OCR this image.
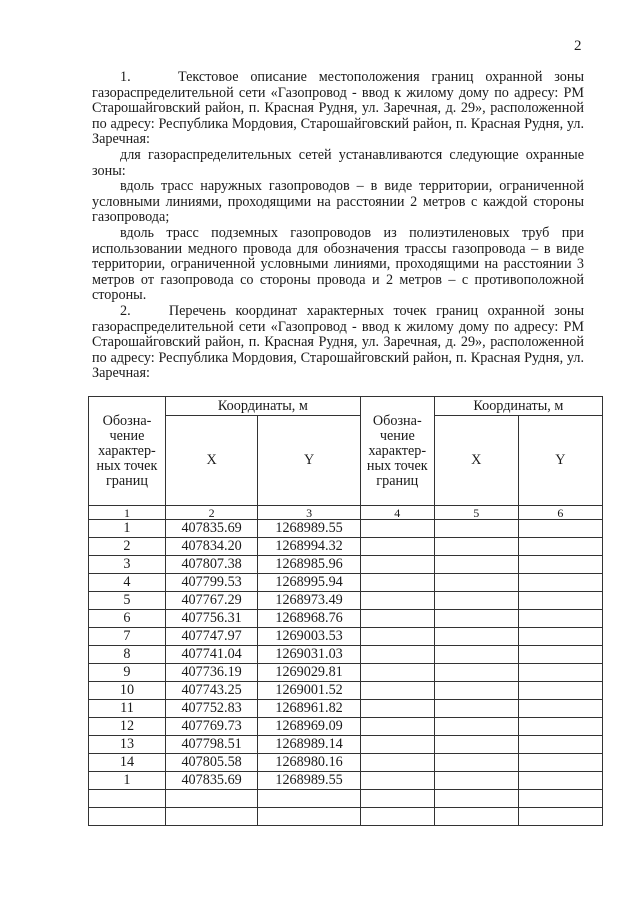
2

1.    Текстовое описание местоположения границ охранной зоны газораспределительной сети «Газопровод - ввод к жилому дому по адресу: РМ Старошайговский район, п. Красная Рудня, ул. Заречная, д. 29», расположенной по адресу: Республика Мордовия, Старошайговский район, п. Красная Рудня, ул. Заречная:

для газораспределительных сетей устанавливаются следующие охранные зоны:

вдоль трасс наружных газопроводов – в виде территории, ограниченной условными линиями, проходящими на расстоянии 2 метров с каждой стороны газопровода;

вдоль трасс подземных газопроводов из полиэтиленовых труб при использовании медного провода для обозначения трассы газопровода – в виде территории, ограниченной условными линиями, проходящими на расстоянии 3 метров от газопровода со стороны провода и 2 метров – с противоположной стороны.

2.    Перечень координат характерных точек границ охранной зоны газораспределительной сети «Газопровод - ввод к жилому дому по адресу: РМ Старошайговский район, п. Красная Рудня, ул. Заречная, д. 29», расположенной по адресу: Республика Мордовия, Старошайговский район, п. Красная Рудня, ул. Заречная:

Обозна-чение характер-ных точек границ	Координаты, м		Обозна-чение характер-ных точек границ	Координаты, м	
	X	Y		X	Y
1	2	3	4	5	6
1	407835.69	1268989.55			
2	407834.20	1268994.32			
3	407807.38	1268985.96			
4	407799.53	1268995.94			
5	407767.29	1268973.49			
6	407756.31	1268968.76			
7	407747.97	1269003.53			
8	407741.04	1269031.03			
9	407736.19	1269029.81			
10	407743.25	1269001.52			
11	407752.83	1268961.82			
12	407769.73	1268969.09			
13	407798.51	1268989.14			
14	407805.58	1268980.16			
1	407835.69	1268989.55			
